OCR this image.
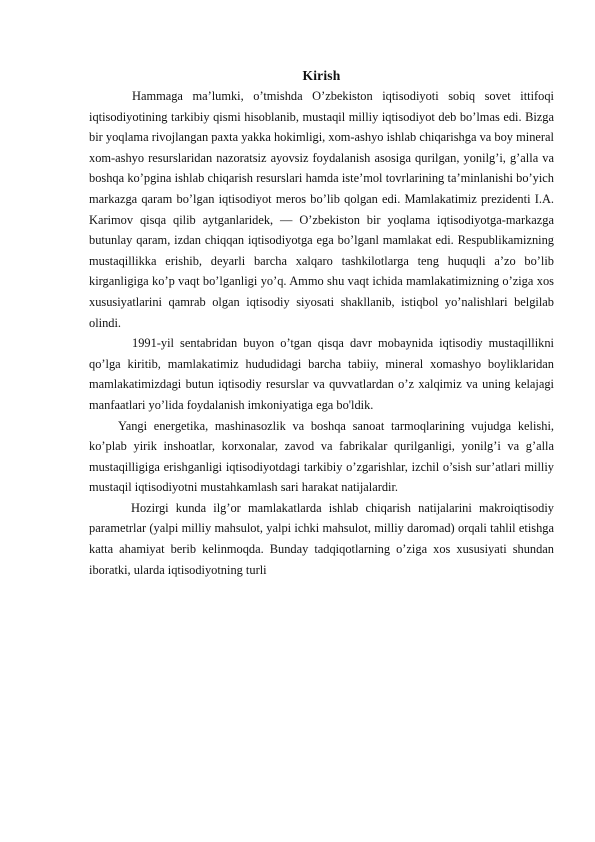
Kirish

Hammaga ma’lumki, o’tmishda O’zbekiston iqtisodiyoti sobiq sovet ittifoqi iqtisodiyotining tarkibiy qismi hisoblanib, mustaqil milliy iqtisodiyot deb bo’lmas edi. Bizga bir yoqlama rivojlangan paxta yakka hokimligi, xom-ashyo ishlab chiqarishga va boy mineral xom-ashyo resurslaridan nazoratsiz ayovsiz foydalanish asosiga qurilgan, yonilg’i, g’alla va boshqa ko’pgina ishlab chiqarish resurslari hamda iste’mol tovrlarining ta’minlanishi bo’yich markazga qaram bo’lgan iqtisodiyot meros bo’lib qolgan edi. Mamlakatimiz prezidenti I.A. Karimov qisqa qilib aytganlaridek, — O’zbekiston bir yoqlama iqtisodiyotga-markazga butunlay qaram, izdan chiqqan iqtisodiyotga ega bo’lganl mamlakat edi. Respublikamizning mustaqillikka erishib, deyarli barcha xalqaro tashkilotlarga teng huquqli a’zo bo’lib kirganligiga ko’p vaqt bo’lganligi yo’q. Ammo shu vaqt ichida mamlakatimizning o’ziga xos xususiyatlarini qamrab olgan iqtisodiy siyosati shakllanib, istiqbol yo’nalishlari belgilab olindi.

1991-yil sentabridan buyon o’tgan qisqa davr mobaynida iqtisodiy mustaqillikni qo’lga kiritib, mamlakatimiz hududidagi barcha tabiiy, mineral xomashyo boyliklaridan mamlakatimizdagi butun iqtisodiy resurslar va quvvatlardan o’z xalqimiz va uning kelajagi manfaatlari yo’lida foydalanish imkoniyatiga ega bo'ldik.

Yangi energetika, mashinasozlik va boshqa sanoat tarmoqlarining vujudga kelishi, ko’plab yirik inshoatlar, korxonalar, zavod va fabrikalar qurilganligi, yonilg’i va g’alla mustaqilligiga erishganligi iqtisodiyotdagi tarkibiy o’zgarishlar, izchil o’sish sur’atlari milliy mustaqil iqtisodiyotni mustahkamlash sari harakat natijalardir.

Hozirgi kunda ilg’or mamlakatlarda ishlab chiqarish natijalarini makroiqtisodiy parametrlar (yalpi milliy mahsulot, yalpi ichki mahsulot, milliy daromad) orqali tahlil etishga katta ahamiyat berib kelinmoqda. Bunday tadqiqotlarning o’ziga xos xususiyati shundan iboratki, ularda iqtisodiyotning turli
